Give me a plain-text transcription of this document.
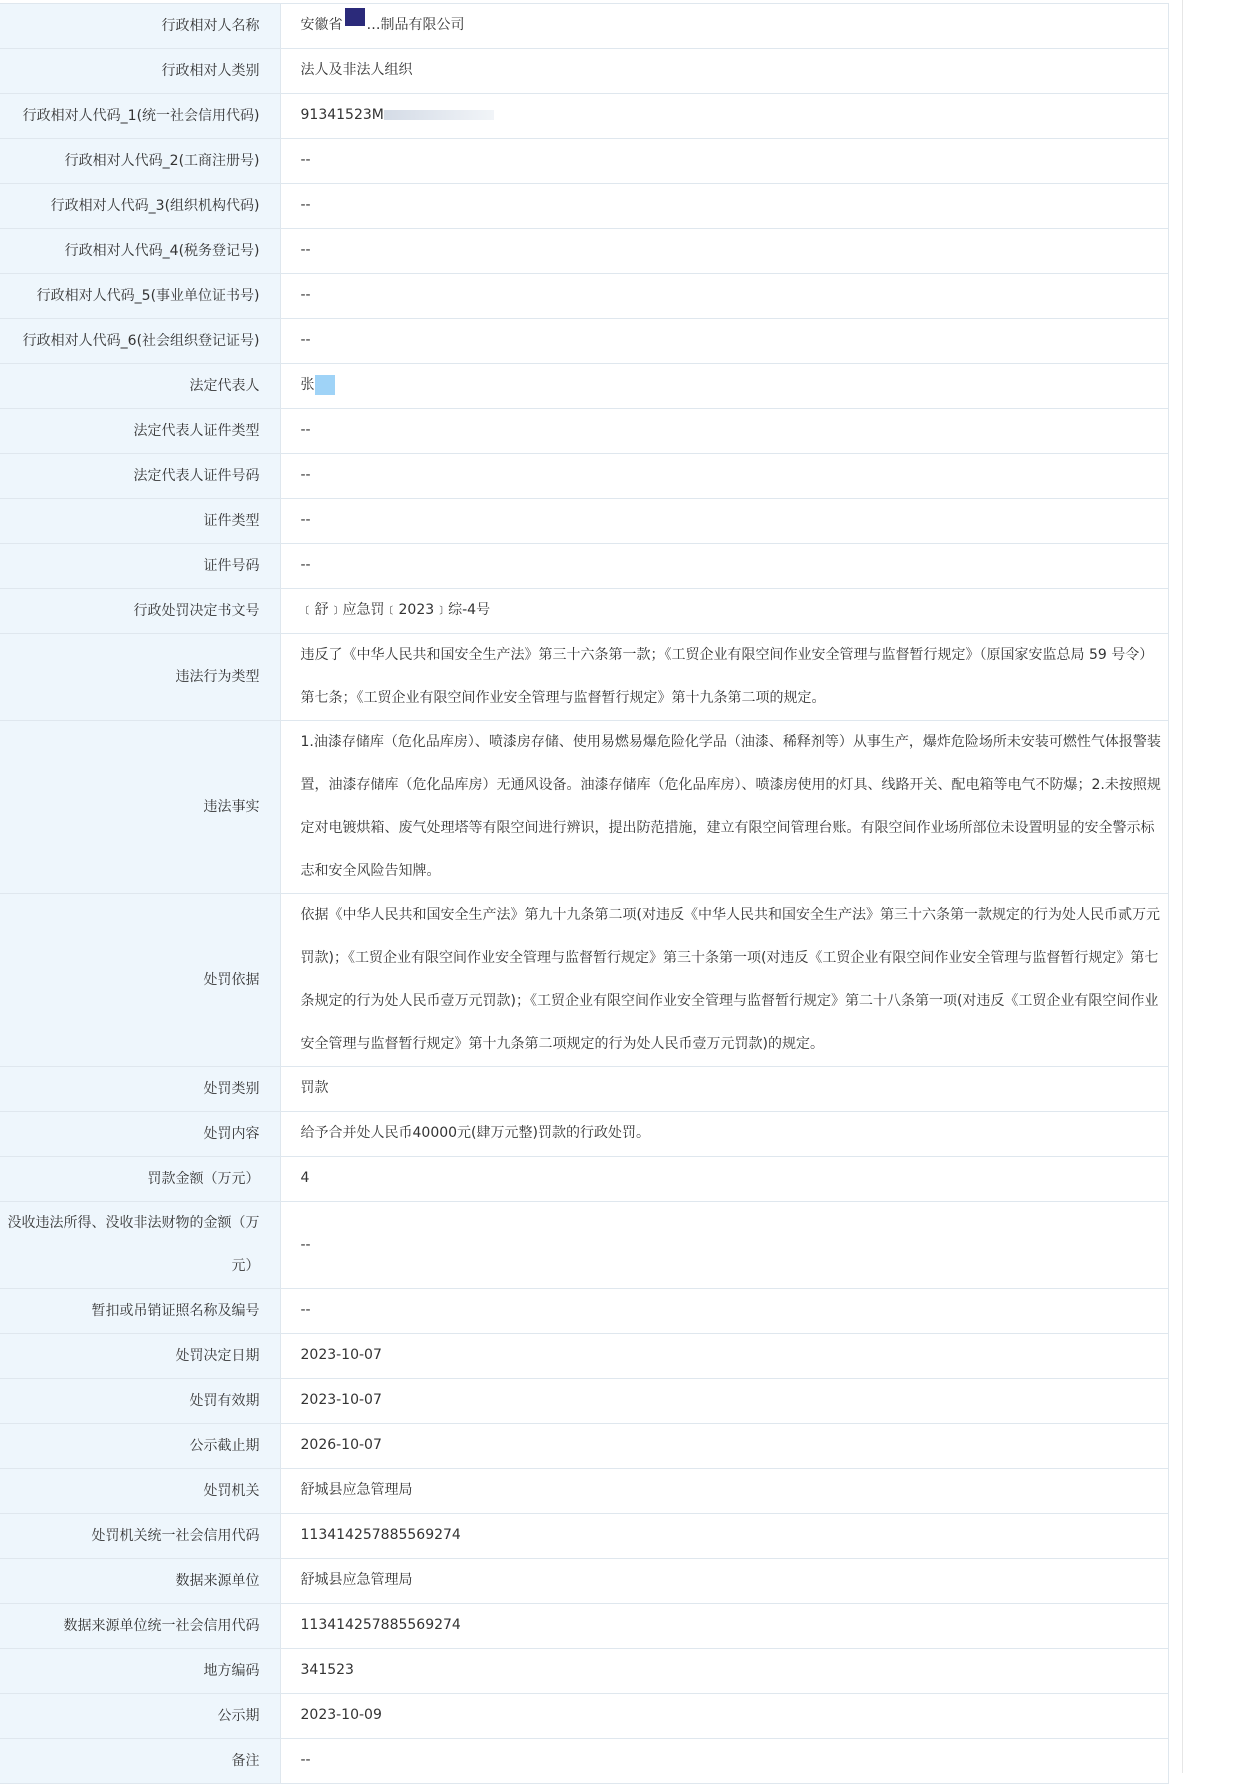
行政相对人名称	安徽省 …制品有限公司
行政相对人类别	法人及非法人组织
行政相对人代码_1(统一社会信用代码)	91341523M
行政相对人代码_2(工商注册号)	--
行政相对人代码_3(组织机构代码)	--
行政相对人代码_4(税务登记号)	--
行政相对人代码_5(事业单位证书号)	--
行政相对人代码_6(社会组织登记证号)	--
法定代表人	张
法定代表人证件类型	--
法定代表人证件号码	--
证件类型	--
证件号码	--
行政处罚决定书文号	﹝舒﹞应急罚﹝2023﹞综-4号
违法行为类型	违反了《中华人民共和国安全生产法》第三十六条第一款；《工贸企业有限空间作业安全管理与监督暂行规定》（原国家安监总局 59 号令）第七条；《工贸企业有限空间作业安全管理与监督暂行规定》第十九条第二项的规定。

违法事实	1.油漆存储库（危化品库房）、喷漆房存储、使用易燃易爆危险化学品（油漆、稀释剂等）从事生产，爆炸危险场所未安装可燃性气体报警装置，油漆存储库（危化品库房）无通风设备。油漆存储库（危化品库房）、喷漆房使用的灯具、线路开关、配电箱等电气不防爆；2.未按照规定对电镀烘箱、废气处理塔等有限空间进行辨识，提出防范措施，建立有限空间管理台账。有限空间作业场所部位未设置明显的安全警示标志和安全风险告知牌。

处罚依据	依据《中华人民共和国安全生产法》第九十九条第二项(对违反《中华人民共和国安全生产法》第三十六条第一款规定的行为处人民币贰万元罚款)；《工贸企业有限空间作业安全管理与监督暂行规定》第三十条第一项(对违反《工贸企业有限空间作业安全管理与监督暂行规定》第七条规定的行为处人民币壹万元罚款)；《工贸企业有限空间作业安全管理与监督暂行规定》第二十八条第一项(对违反《工贸企业有限空间作业安全管理与监督暂行规定》第十九条第二项规定的行为处人民币壹万元罚款)的规定。

处罚类别	罚款
处罚内容	给予合并处人民币40000元(肆万元整)罚款的行政处罚。
罚款金额（万元）	4

没收违法所得、没收非法财物的金额（万元）	--
暂扣或吊销证照名称及编号	--
处罚决定日期	2023-10-07
处罚有效期	2023-10-07
公示截止期	2026-10-07
处罚机关	舒城县应急管理局
处罚机关统一社会信用代码	113414257885569274
数据来源单位	舒城县应急管理局
数据来源单位统一社会信用代码	113414257885569274
地方编码	341523
公示期	2023-10-09
备注	--
